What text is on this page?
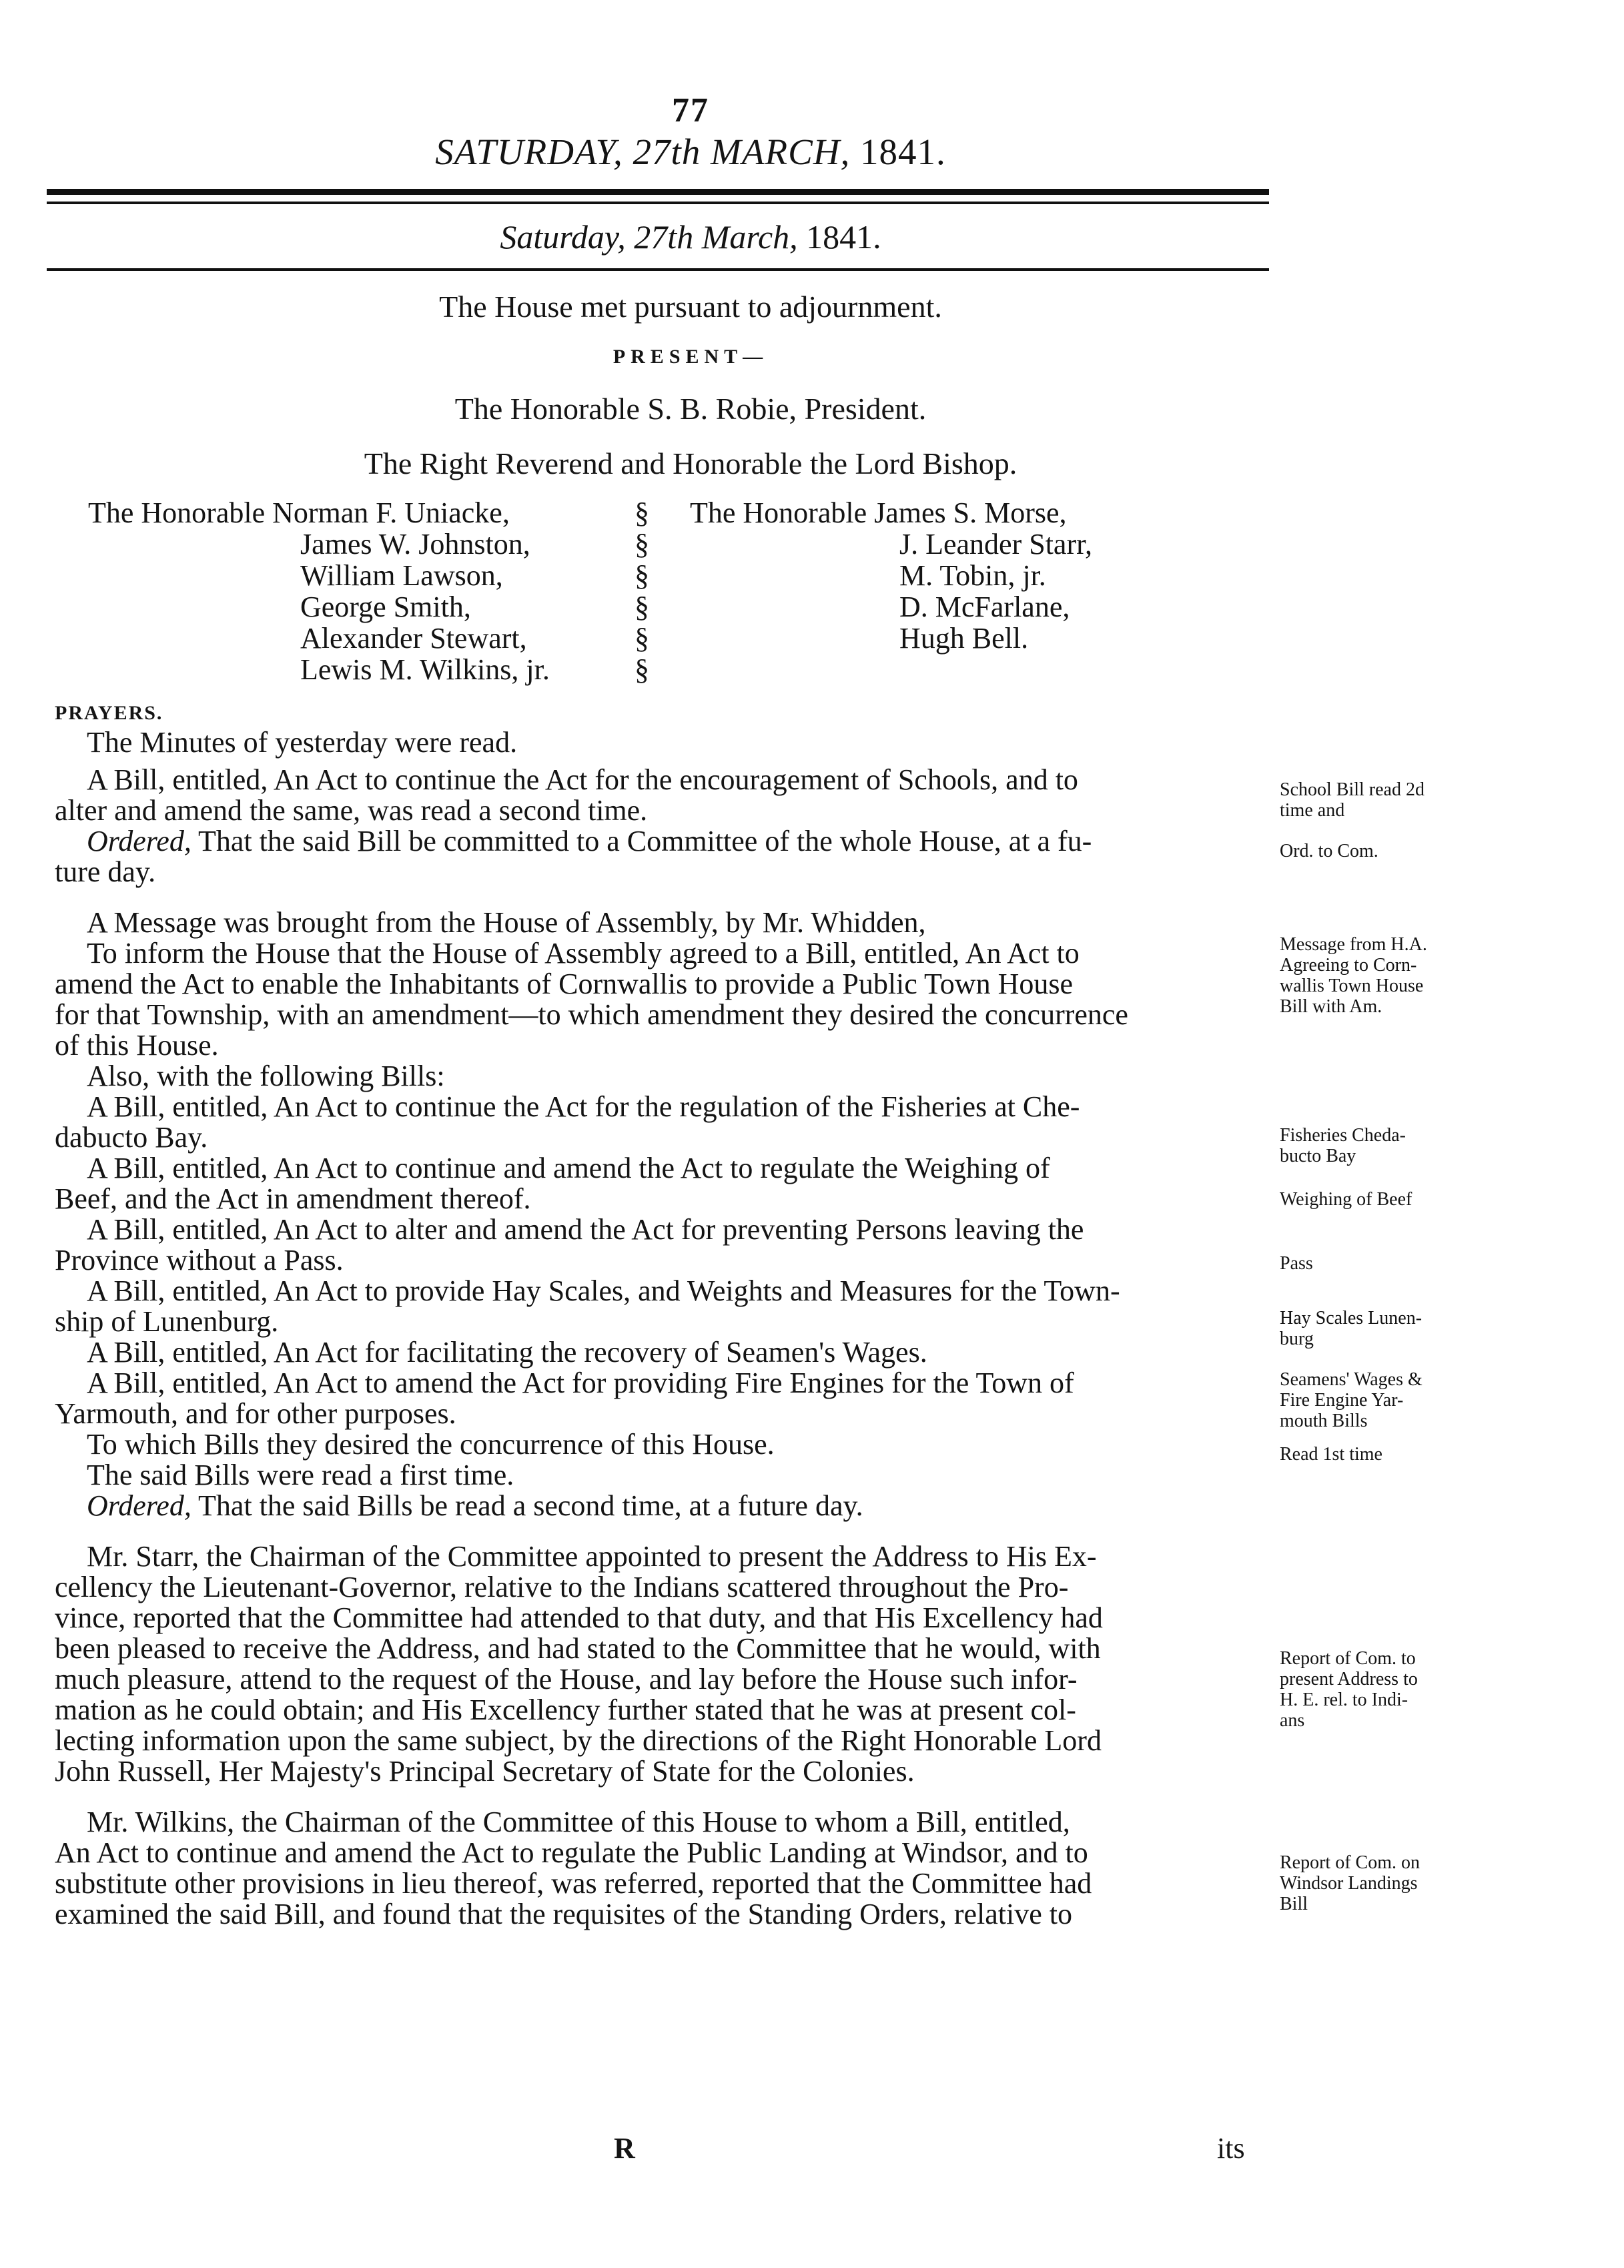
77
SATURDAY, 27th MARCH, 1841.
Saturday, 27th March, 1841.
The House met pursuant to adjournment.
PRESENT—
The Honorable S. B. Robie, President.
The Right Reverend and Honorable the Lord Bishop.
The Honorable Norman F. Uniacke,
James W. Johnston,
William Lawson,
George Smith,
Alexander Stewart,
Lewis M. Wilkins, jr.
§
§
§
§
§
§
The Honorable James S. Morse,
J. Leander Starr,
M. Tobin, jr.
D. McFarlane,
Hugh Bell.
PRAYERS.
The Minutes of yesterday were read.
A Bill, entitled, An Act to continue the Act for the encouragement of Schools, and to
alter and amend the same, was read a second time.
Ordered, That the said Bill be committed to a Committee of the whole House, at a fu-
ture day.
A Message was brought from the House of Assembly, by Mr. Whidden,
To inform the House that the House of Assembly agreed to a Bill, entitled, An Act to
amend the Act to enable the Inhabitants of Cornwallis to provide a Public Town House
for that Township, with an amendment—to which amendment they desired the concurrence
of this House.
Also, with the following Bills:
A Bill, entitled, An Act to continue the Act for the regulation of the Fisheries at Che-
dabucto Bay.
A Bill, entitled, An Act to continue and amend the Act to regulate the Weighing of
Beef, and the Act in amendment thereof.
A Bill, entitled, An Act to alter and amend the Act for preventing Persons leaving the
Province without a Pass.
A Bill, entitled, An Act to provide Hay Scales, and Weights and Measures for the Town-
ship of Lunenburg.
A Bill, entitled, An Act for facilitating the recovery of Seamen's Wages.
A Bill, entitled, An Act to amend the Act for providing Fire Engines for the Town of
Yarmouth, and for other purposes.
To which Bills they desired the concurrence of this House.
The said Bills were read a first time.
Ordered, That the said Bills be read a second time, at a future day.
Mr. Starr, the Chairman of the Committee appointed to present the Address to His Ex-
cellency the Lieutenant-Governor, relative to the Indians scattered throughout the Pro-
vince, reported that the Committee had attended to that duty, and that His Excellency had
been pleased to receive the Address, and had stated to the Committee that he would, with
much pleasure, attend to the request of the House, and lay before the House such infor-
mation as he could obtain; and His Excellency further stated that he was at present col-
lecting information upon the same subject, by the directions of the Right Honorable Lord
John Russell, Her Majesty's Principal Secretary of State for the Colonies.
Mr. Wilkins, the Chairman of the Committee of this House to whom a Bill, entitled,
An Act to continue and amend the Act to regulate the Public Landing at Windsor, and to
substitute other provisions in lieu thereof, was referred, reported that the Committee had
examined the said Bill, and found that the requisites of the Standing Orders, relative to
School Bill read 2d
time and
Ord. to Com.
Message from H.A.
Agreeing to Corn-
wallis Town House
Bill with Am.
Fisheries Cheda-
bucto Bay
Weighing of Beef
Pass
Hay Scales Lunen-
burg
Seamens' Wages &
Fire Engine Yar-
mouth Bills
Read 1st time
Report of Com. to
present Address to
H. E. rel. to Indi-
ans
Report of Com. on
Windsor Landings
Bill
R	its
